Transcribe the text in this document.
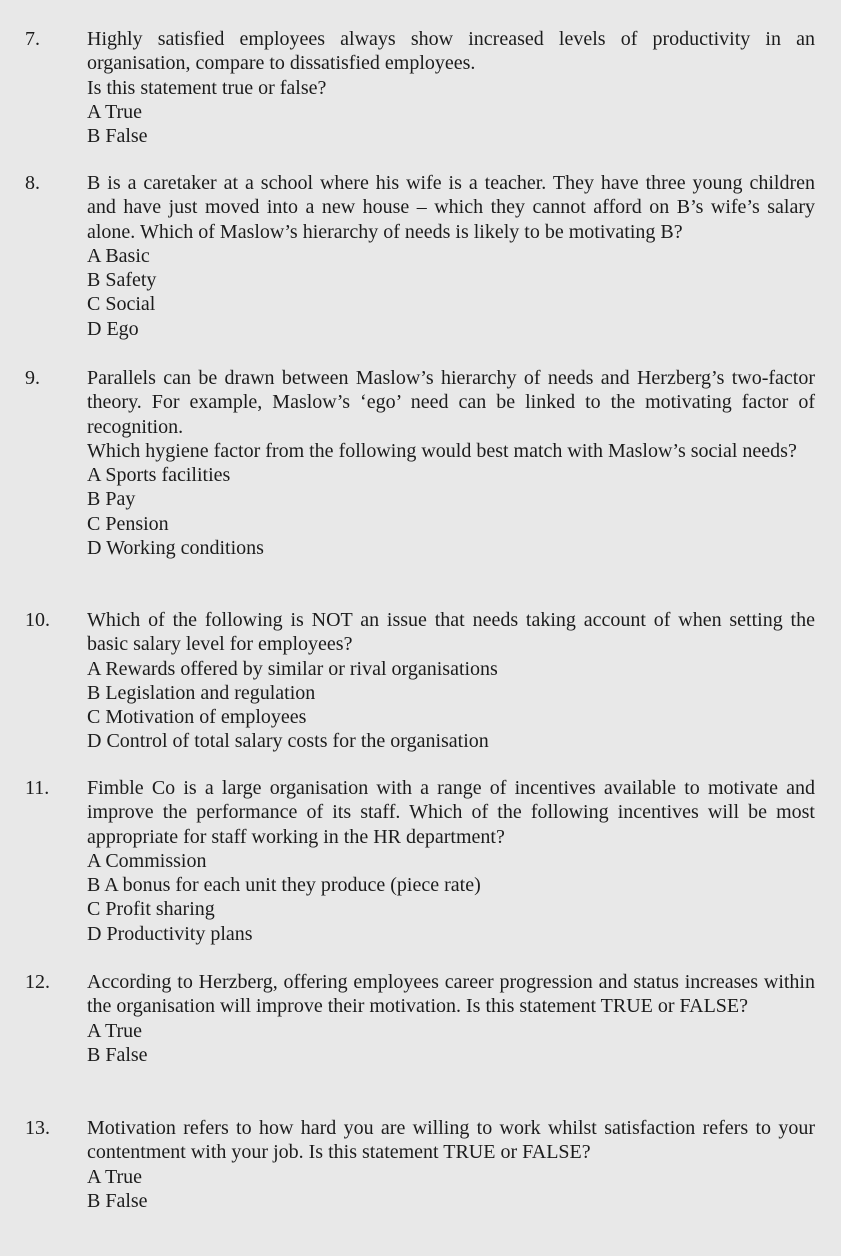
7. Highly satisfied employees always show increased levels of productivity in an organisation, compare to dissatisfied employees.

Is this statement true or false?

A True

B False

8. B is a caretaker at a school where his wife is a teacher. They have three young children and have just moved into a new house – which they cannot afford on B’s wife’s salary alone. Which of Maslow’s hierarchy of needs is likely to be motivating B?

A Basic

B Safety

C Social

D Ego

9. Parallels can be drawn between Maslow’s hierarchy of needs and Herzberg’s two-factor theory. For example, Maslow’s ‘ego’ need can be linked to the motivating factor of recognition.

Which hygiene factor from the following would best match with Maslow’s social needs?

A Sports facilities

B Pay

C Pension

D Working conditions

10. Which of the following is NOT an issue that needs taking account of when setting the basic salary level for employees?

A Rewards offered by similar or rival organisations

B Legislation and regulation

C Motivation of employees

D Control of total salary costs for the organisation

11. Fimble Co is a large organisation with a range of incentives available to motivate and improve the performance of its staff. Which of the following incentives will be most appropriate for staff working in the HR department?

A Commission

B A bonus for each unit they produce (piece rate)

C Profit sharing

D Productivity plans

12. According to Herzberg, offering employees career progression and status increases within the organisation will improve their motivation. Is this statement TRUE or FALSE?

A True

B False

13. Motivation refers to how hard you are willing to work whilst satisfaction refers to your contentment with your job. Is this statement TRUE or FALSE?

A True

B False
